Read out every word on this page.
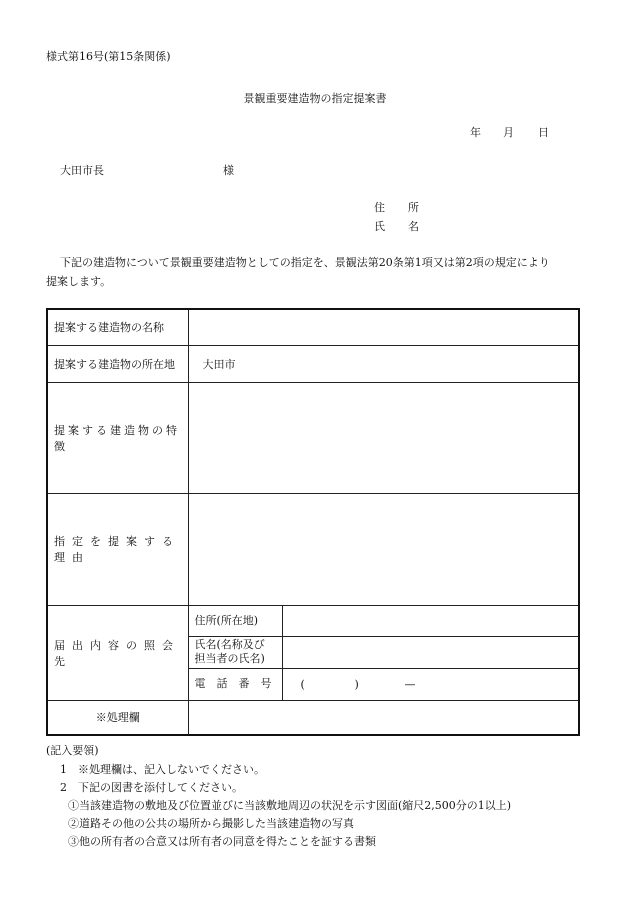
様式第16号(第15条関係)
景観重要建造物の指定提案書
年 月 日
大田市長	様
住 所
氏 名
下記の建造物について景観重要建造物としての指定を、景観法第20条第1項又は第2項の規定により
提案します。
提案する建造物の名称		
提案する建造物の所在地	大田市	
提案する建造物の特徴		
指定を提案する理由		
届出内容の照会先	住所(所在地)	

	氏名(名称及び
担当者の氏名)	

	電 話 番 号	( ) —
※処理欄		
(記入要領)
1　※処理欄は、記入しないでください。
2　下記の図書を添付してください。
①当該建造物の敷地及び位置並びに当該敷地周辺の状況を示す図面(縮尺2,500分の1以上)
②道路その他の公共の場所から撮影した当該建造物の写真
③他の所有者の合意又は所有者の同意を得たことを証する書類
